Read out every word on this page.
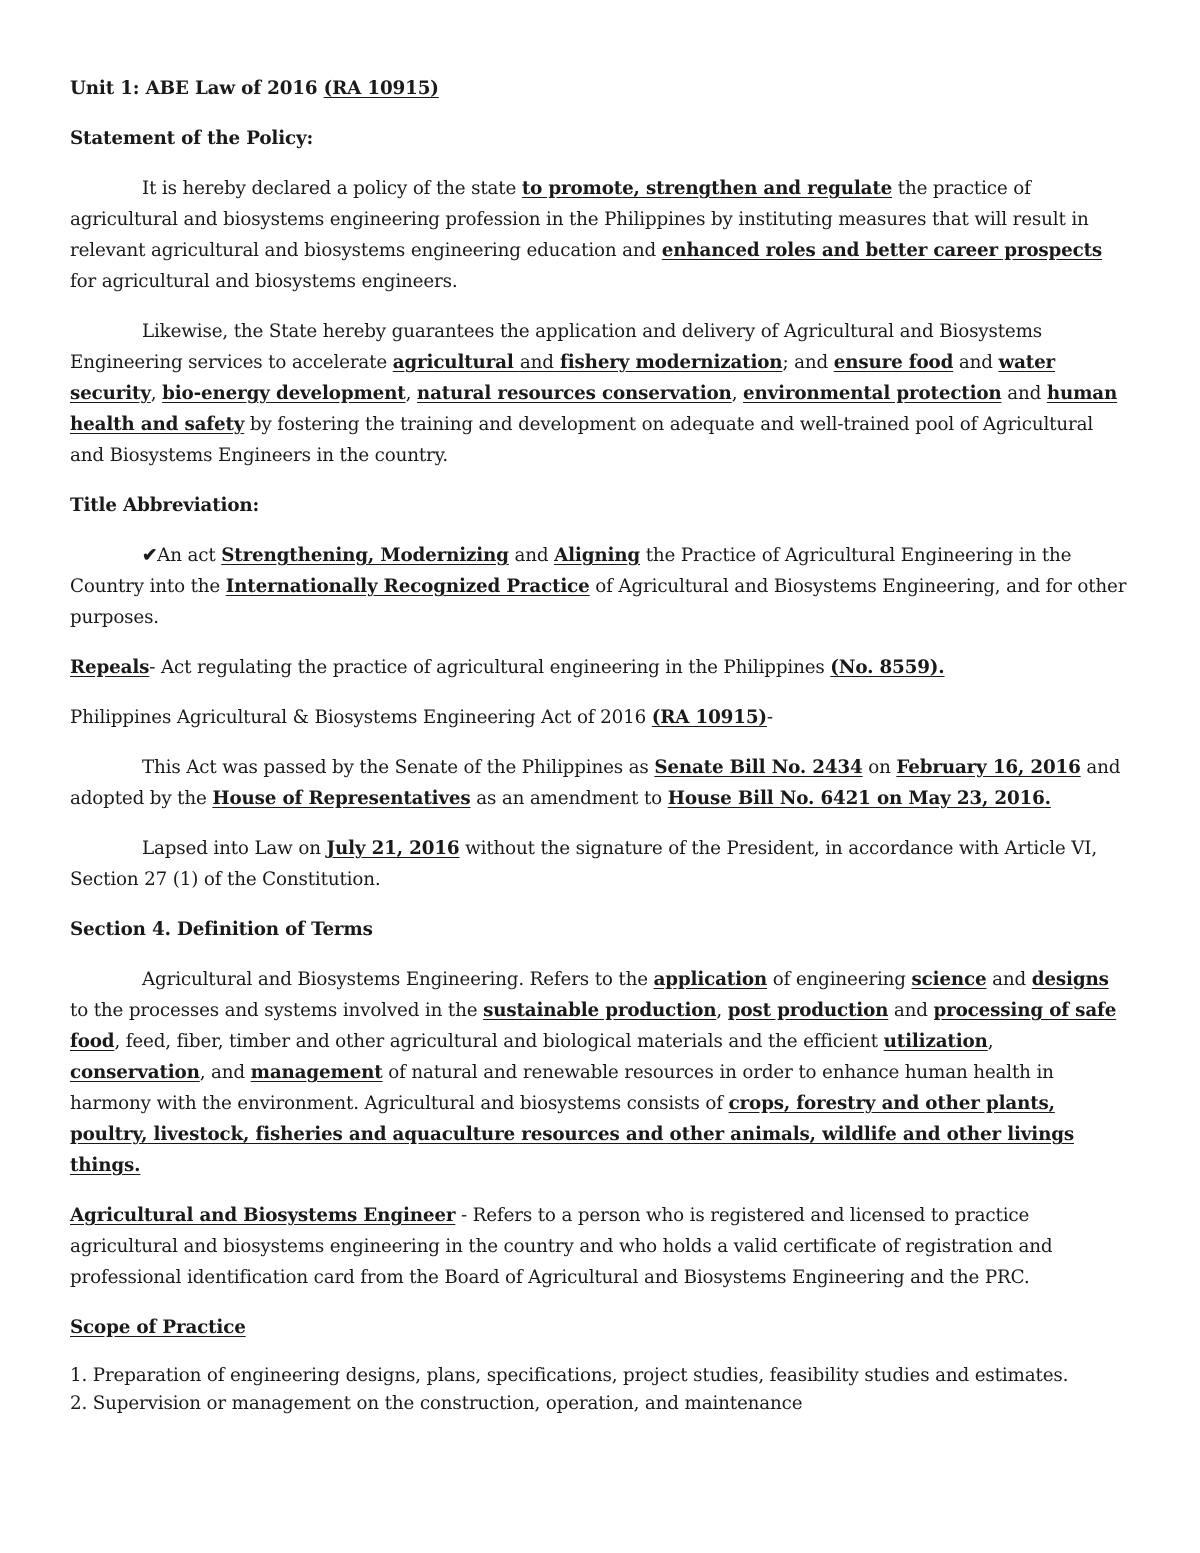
Unit 1: ABE Law of 2016 (RA 10915)

Statement of the Policy:

It is hereby declared a policy of the state to promote, strengthen and regulate the practice of agricultural and biosystems engineering profession in the Philippines by instituting measures that will result in relevant agricultural and biosystems engineering education and enhanced roles and better career prospects for agricultural and biosystems engineers.

Likewise, the State hereby guarantees the application and delivery of Agricultural and Biosystems Engineering services to accelerate agricultural and fishery modernization; and ensure food and water security, bio-energy development, natural resources conservation, environmental protection and human health and safety by fostering the training and development on adequate and well-trained pool of Agricultural and Biosystems Engineers in the country.

Title Abbreviation:

✔An act Strengthening, Modernizing and Aligning the Practice of Agricultural Engineering in the Country into the Internationally Recognized Practice of Agricultural and Biosystems Engineering, and for other purposes.

Repeals- Act regulating the practice of agricultural engineering in the Philippines (No. 8559).

Philippines Agricultural & Biosystems Engineering Act of 2016 (RA 10915)-

This Act was passed by the Senate of the Philippines as Senate Bill No. 2434 on February 16, 2016 and adopted by the House of Representatives as an amendment to House Bill No. 6421 on May 23, 2016.

Lapsed into Law on July 21, 2016 without the signature of the President, in accordance with Article VI, Section 27 (1) of the Constitution.

Section 4. Definition of Terms

Agricultural and Biosystems Engineering. Refers to the application of engineering science and designs to the processes and systems involved in the sustainable production, post production and processing of safe food, feed, fiber, timber and other agricultural and biological materials and the efficient utilization, conservation, and management of natural and renewable resources in order to enhance human health in harmony with the environment. Agricultural and biosystems consists of crops, forestry and other plants, poultry, livestock, fisheries and aquaculture resources and other animals, wildlife and other livings things.

Agricultural and Biosystems Engineer - Refers to a person who is registered and licensed to practice agricultural and biosystems engineering in the country and who holds a valid certificate of registration and professional identification card from the Board of Agricultural and Biosystems Engineering and the PRC.

Scope of Practice

1. Preparation of engineering designs, plans, specifications, project studies, feasibility studies and estimates.

2. Supervision or management on the construction, operation, and maintenance
